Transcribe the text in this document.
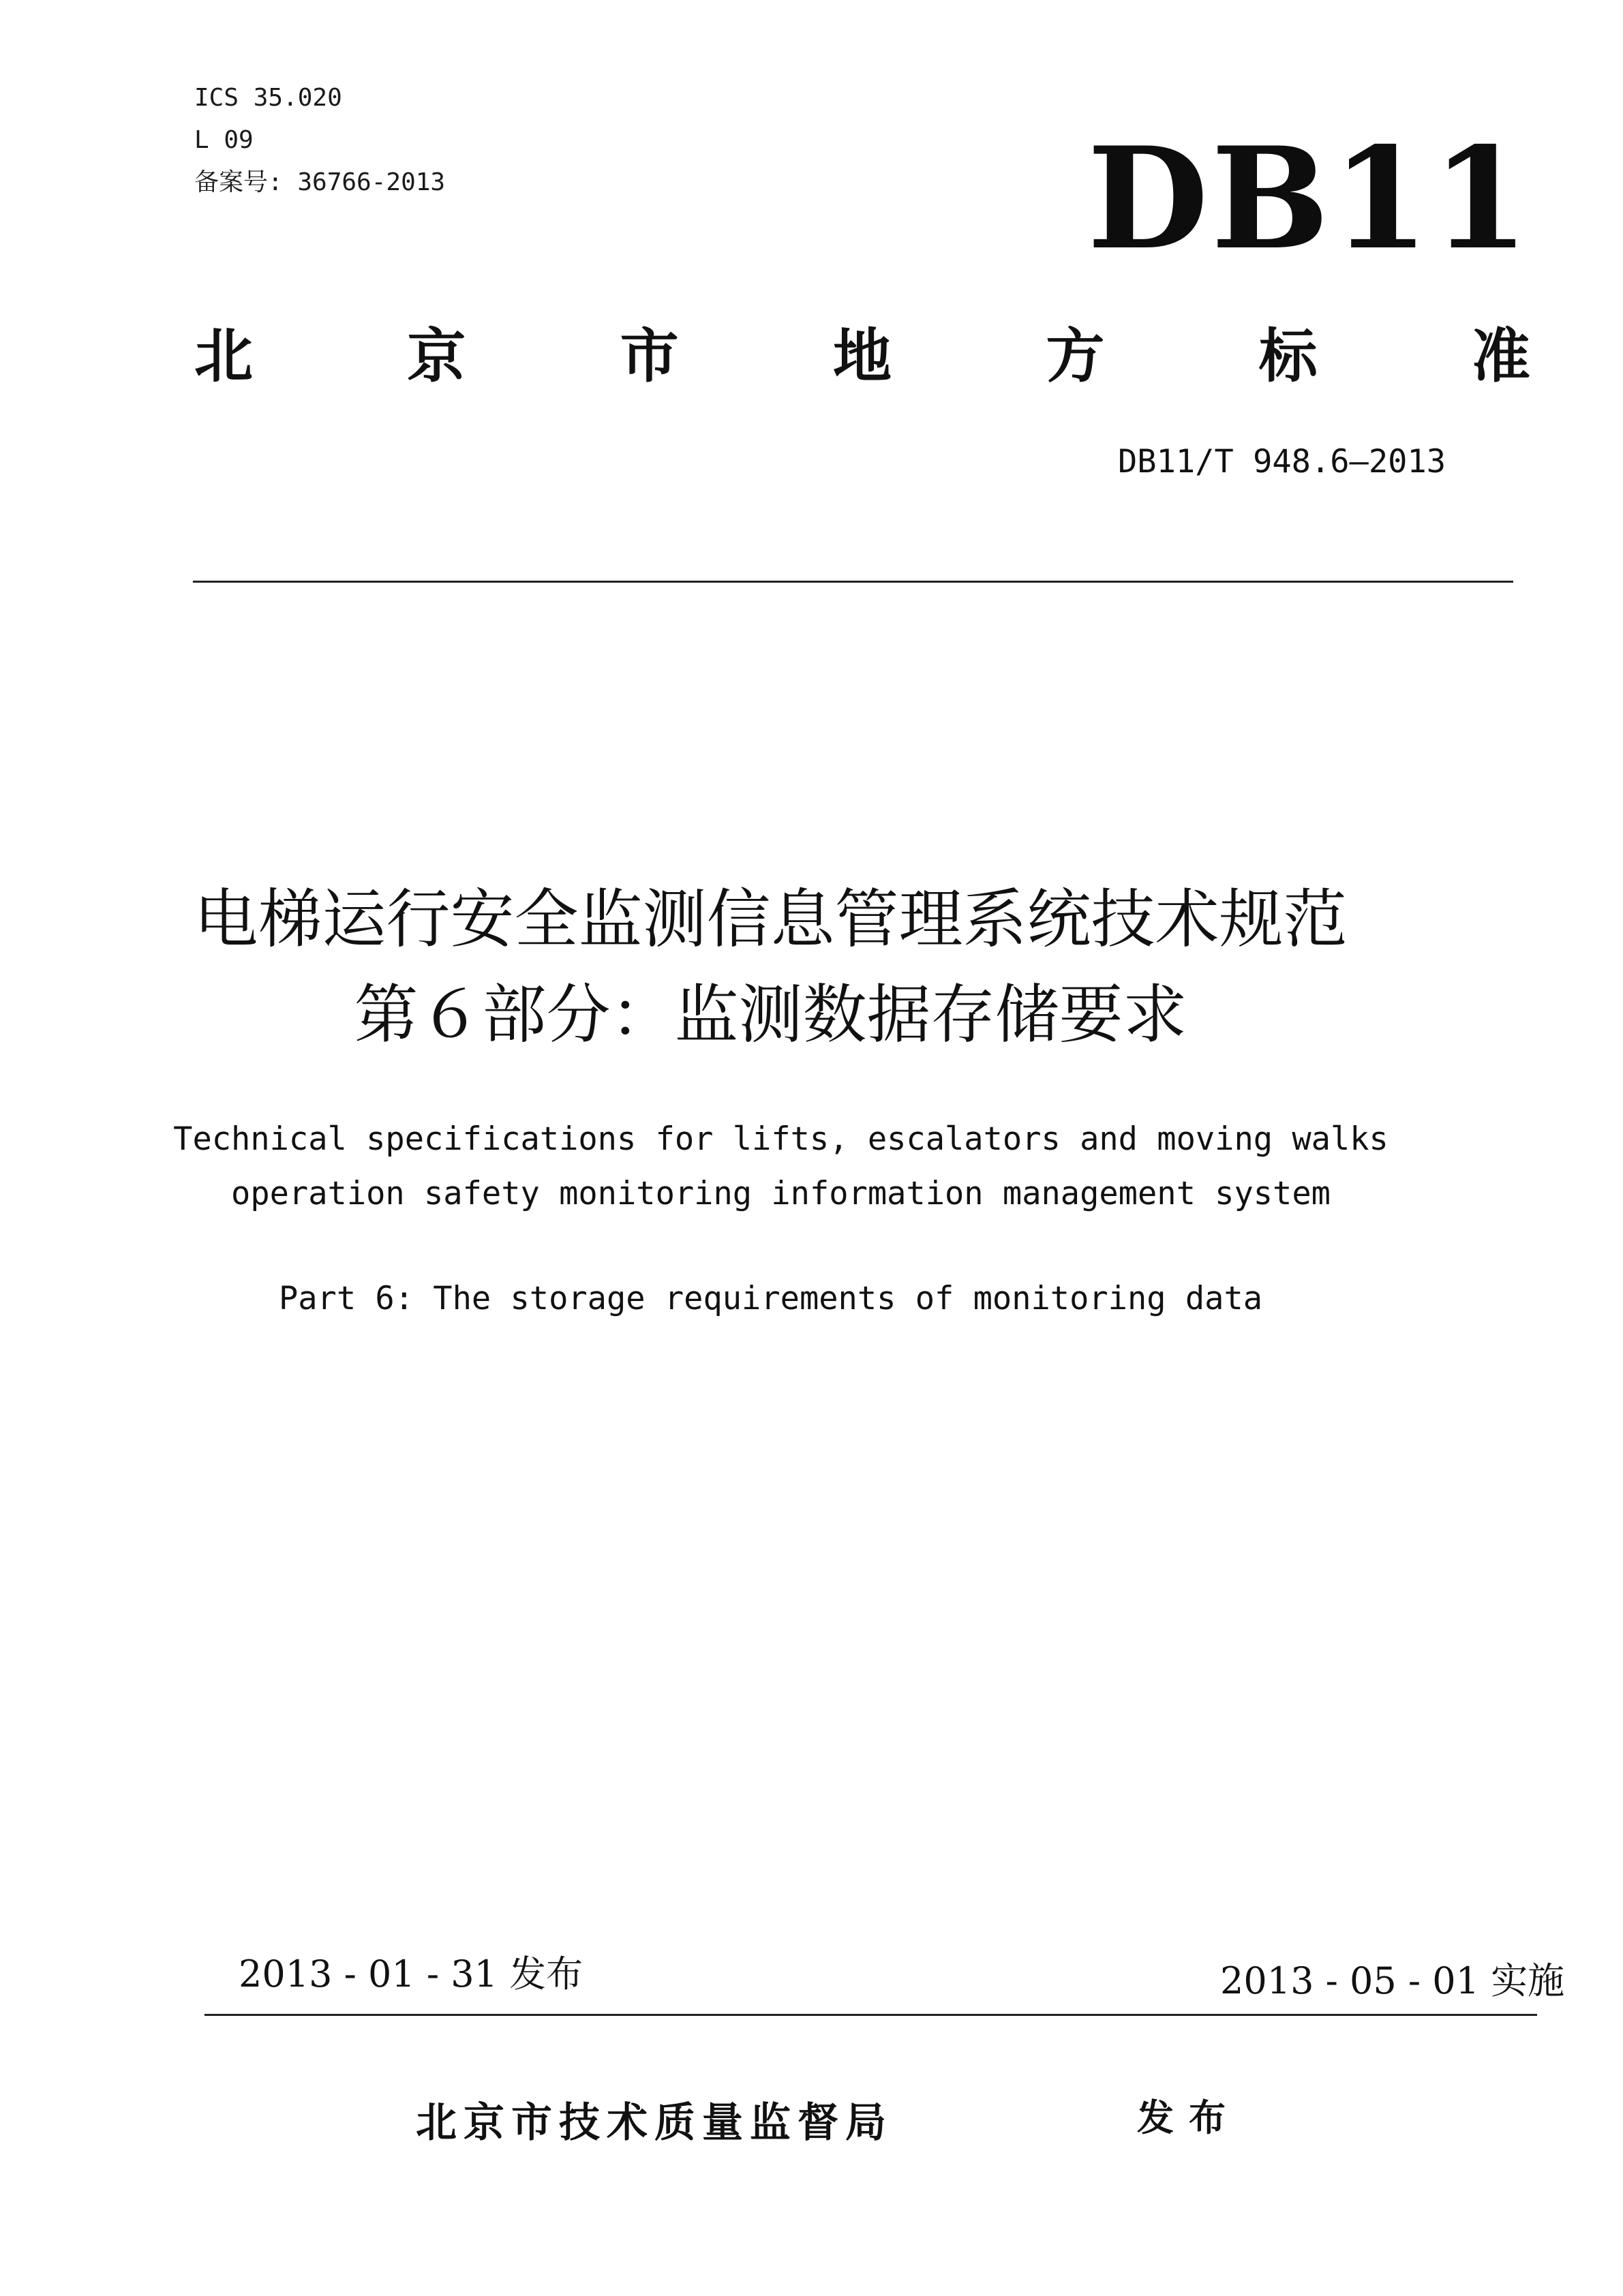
ICS 35.020
L 09
备案号: 36766-2013	DB11
北	京	市	地	方	标	准
DB11/T 948.6—2013
电梯运行安全监测信息管理系统技术规范
第６部分：监测数据存储要求
Technical specifications for lifts, escalators and moving walks
operation safety monitoring information management system
Part 6: The storage requirements of monitoring data
2013 - 01 - 31 发布	2013 - 05 - 01 实施
北京市技术质量监督局	发布
